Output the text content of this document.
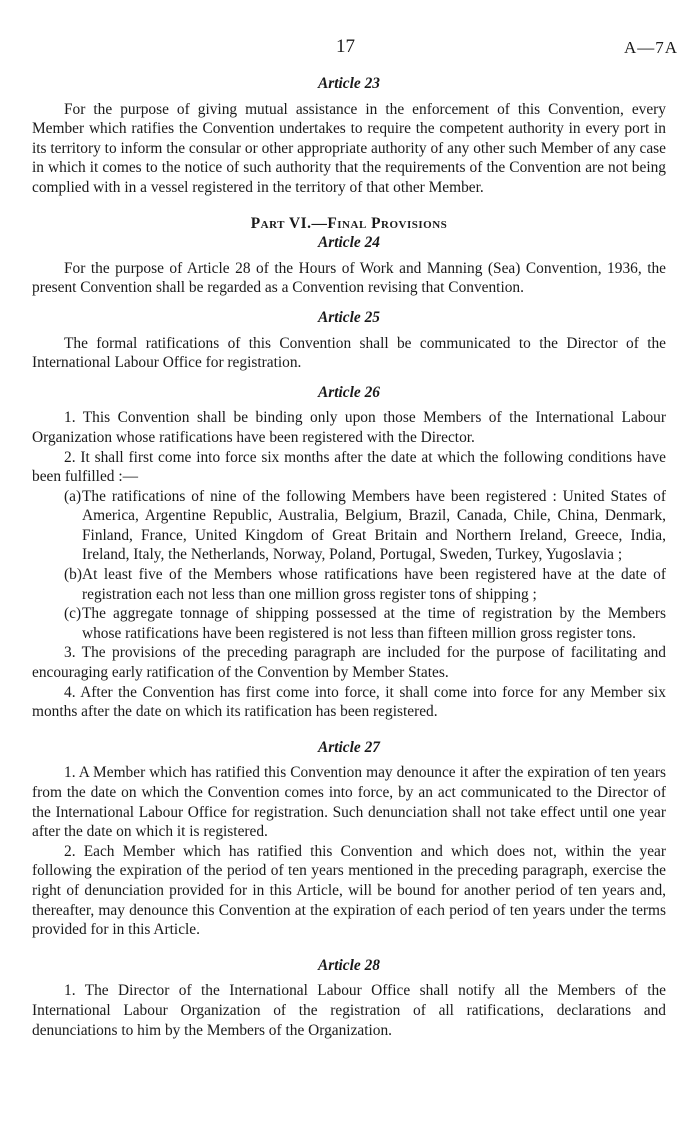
17	A—7A
Article 23

For the purpose of giving mutual assistance in the enforcement of this Convention, every Member which ratifies the Convention undertakes to require the competent authority in every port in its territory to inform the consular or other appropriate authority of any other such Member of any case in which it comes to the notice of such authority that the requirements of the Convention are not being complied with in a vessel registered in the territory of that other Member.

Part VI.—Final Provisions
Article 24

For the purpose of Article 28 of the Hours of Work and Manning (Sea) Convention, 1936, the present Convention shall be regarded as a Convention revising that Convention.

Article 25

The formal ratifications of this Convention shall be communicated to the Director of the International Labour Office for registration.

Article 26

1. This Convention shall be binding only upon those Members of the International Labour Organization whose ratifications have been registered with the Director.

2. It shall first come into force six months after the date at which the following conditions have been fulfilled :—

(a) The ratifications of nine of the following Members have been registered : United States of America, Argentine Republic, Australia, Belgium, Brazil, Canada, Chile, China, Denmark, Finland, France, United Kingdom of Great Britain and Northern Ireland, Greece, India, Ireland, Italy, the Netherlands, Norway, Poland, Portugal, Sweden, Turkey, Yugoslavia ;

(b) At least five of the Members whose ratifications have been registered have at the date of registration each not less than one million gross register tons of shipping ;

(c) The aggregate tonnage of shipping possessed at the time of registration by the Members whose ratifications have been registered is not less than fifteen million gross register tons.

3. The provisions of the preceding paragraph are included for the purpose of facilitating and encouraging early ratification of the Convention by Member States.

4. After the Convention has first come into force, it shall come into force for any Member six months after the date on which its ratification has been registered.

Article 27

1. A Member which has ratified this Convention may denounce it after the expiration of ten years from the date on which the Convention comes into force, by an act communicated to the Director of the International Labour Office for registration. Such denunciation shall not take effect until one year after the date on which it is registered.

2. Each Member which has ratified this Convention and which does not, within the year following the expiration of the period of ten years mentioned in the preceding paragraph, exercise the right of denunciation provided for in this Article, will be bound for another period of ten years and, thereafter, may denounce this Convention at the expiration of each period of ten years under the terms provided for in this Article.

Article 28

1. The Director of the International Labour Office shall notify all the Members of the International Labour Organization of the registration of all ratifications, declarations and denunciations to him by the Members of the Organization.
